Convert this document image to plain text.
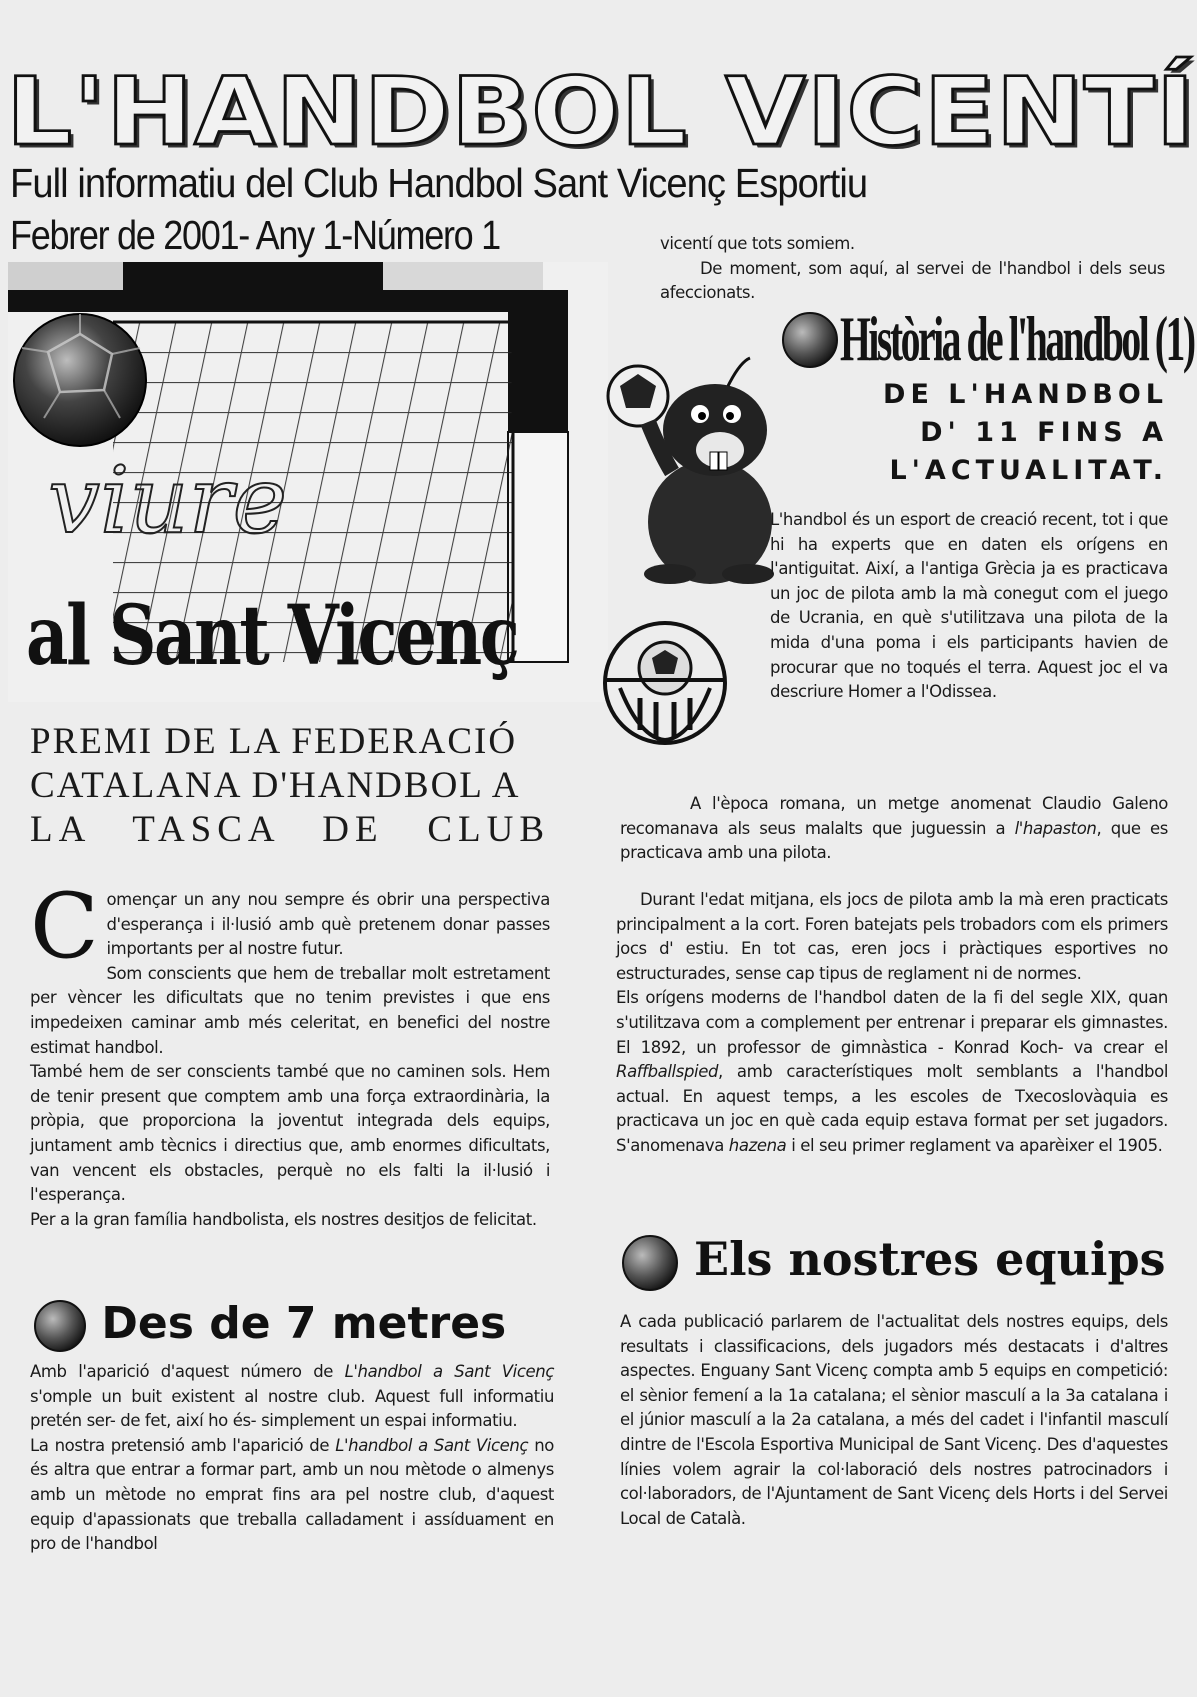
L'HANDBOL VICENTÍ
Full informatiu del Club Handbol Sant Vicenç Esportiu
Febrer de 2001- Any 1-Número 1
viure
al Sant Vicenç
PREMI DE LA FEDERACIÓ
CATALANA D'HANDBOL A
LA TASCA DE CLUB
C omençar un any nou sempre és obrir una perspectiva d'esperança i il·lusió amb què pretenem donar passes importants per al nostre futur.

Som conscients que hem de treballar molt estretament per vèncer les dificultats que no tenim previstes i que ens impedeixen caminar amb més celeritat, en benefici del nostre estimat handbol.

També hem de ser conscients també que no caminen sols. Hem de tenir present que comptem amb una força extraordinària, la pròpia, que proporciona la joventut integrada dels equips, juntament amb tècnics i directius que, amb enormes dificultats, van vencent els obstacles, perquè no els falti la il·lusió i l'esperança.

Per a la gran família handbolista, els nostres desitjos de felicitat.

Des de 7 metres

Amb l'aparició d'aquest número de L'handbol a Sant Vicenç s'omple un buit existent al nostre club. Aquest full informatiu pretén ser- de fet, així ho és- simplement un espai informatiu.

La nostra pretensió amb l'aparició de L'handbol a Sant Vicenç no és altra que entrar a formar part, amb un nou mètode o almenys amb un mètode no emprat fins ara pel nostre club, d'aquest equip d'apassionats que treballa calladament i assíduament en pro de l'handbol

vicentí que tots somiem.

De moment, som aquí, al servei de l'handbol i dels seus afeccionats.

Història de l'handbol (1)
DE L'HANDBOL
D' 11 FINS A
L'ACTUALITAT.
L'handbol és un esport de creació recent, tot i que hi ha experts que en daten els orígens en l'antiguitat. Així, a l'antiga Grècia ja es practicava un joc de pilota amb la mà conegut com el juego de Ucrania, en què s'utilitzava una pilota de la mida d'una poma i els participants havien de procurar que no toqués el terra. Aquest joc el va descriure Homer a l'Odissea.
A l'època romana, un metge anomenat Claudio Galeno recomanava als seus malalts que juguessin a l'hapaston, que es practicava amb una pilota.

Durant l'edat mitjana, els jocs de pilota amb la mà eren practicats principalment a la cort. Foren batejats pels trobadors com els primers jocs d' estiu. En tot cas, eren jocs i pràctiques esportives no estructurades, sense cap tipus de reglament ni de normes.

Els orígens moderns de l'handbol daten de la fi del segle XIX, quan s'utilitzava com a complement per entrenar i preparar els gimnastes. El 1892, un professor de gimnàstica - Konrad Koch- va crear el Raffballspied, amb característiques molt semblants a l'handbol actual. En aquest temps, a les escoles de Txecoslovàquia es practicava un joc en què cada equip estava format per set jugadors. S'anomenava hazena i el seu primer reglament va aparèixer el 1905.

Els nostres equips
A cada publicació parlarem de l'actualitat dels nostres equips, dels resultats i classificacions, dels jugadors més destacats i d'altres aspectes. Enguany Sant Vicenç compta amb 5 equips en competició: el sènior femení a la 1a catalana; el sènior masculí a la 3a catalana i el júnior masculí a la 2a catalana, a més del cadet i l'infantil masculí dintre de l'Escola Esportiva Municipal de Sant Vicenç. Des d'aquestes línies volem agrair la col·laboració dels nostres patrocinadors i col·laboradors, de l'Ajuntament de Sant Vicenç dels Horts i del Servei Local de Català.
